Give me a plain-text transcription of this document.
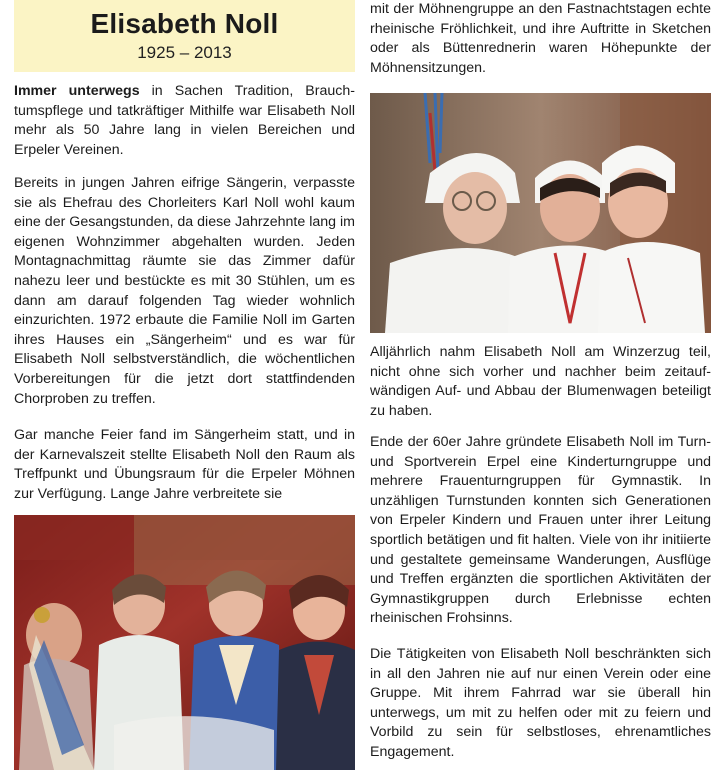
Elisabeth Noll
1925 – 2013

Immer unterwegs in Sachen Tradition, Brauchtumspflege und tatkräftiger Mithilfe war Elisabeth Noll mehr als 50 Jahre lang in vielen Bereichen und Erpeler Vereinen.

Bereits in jungen Jahren eifrige Sängerin, verpasste sie als Ehefrau des Chorleiters Karl Noll wohl kaum eine der Gesangstunden, da diese Jahrzehnte lang im eigenen Wohnzimmer abgehalten wurden. Jeden Montagnachmittag räumte sie das Zimmer dafür nahezu leer und bestückte es mit 30 Stühlen, um es dann am darauf folgenden Tag wieder wohnlich einzurichten. 1972 erbaute die Familie Noll im Garten ihres Hauses ein „Sängerheim“ und es war für Elisabeth Noll selbstverständlich, die wöchentlichen Vorbereitungen für die jetzt dort stattfindenden Chorproben zu treffen.

Gar manche Feier fand im Sängerheim statt, und in der Karnevalszeit stellte Elisabeth Noll den Raum als Treffpunkt und Übungsraum für die Erpeler Möhnen zur Verfügung. Lange Jahre verbreitete sie

mit der Möhnengruppe an den Fastnachtstagen echte rheinische Fröhlichkeit, und ihre Auftritte in Sketchen oder als Büttenrednerin waren Höhepunkte der Möhnensitzungen.

Alljährlich nahm Elisabeth Noll am Winzerzug teil, nicht ohne sich vorher und nachher beim zeitaufwändigen Auf- und Abbau der Blumenwagen beteiligt zu haben.

Ende der 60er Jahre gründete Elisabeth Noll im Turn- und Sportverein Erpel eine Kinderturngruppe und mehrere Frauenturngruppen für Gymnastik. In unzähligen Turnstunden konnten sich Generationen von Erpeler Kindern und Frauen unter ihrer Leitung sportlich betätigen und fit halten. Viele von ihr initiierte und gestaltete gemeinsame Wanderungen, Ausflüge und Treffen ergänzten die sportlichen Aktivitäten der Gymnastikgruppen durch Erlebnisse echten rheinischen Frohsinns.

Die Tätigkeiten von Elisabeth Noll beschränkten sich in all den Jahren nie auf nur einen Verein oder eine Gruppe. Mit ihrem Fahrrad war sie überall hin unterwegs, um mit zu helfen oder mit zu feiern und Vorbild zu sein für selbstloses, ehrenamtliches Engagement.
